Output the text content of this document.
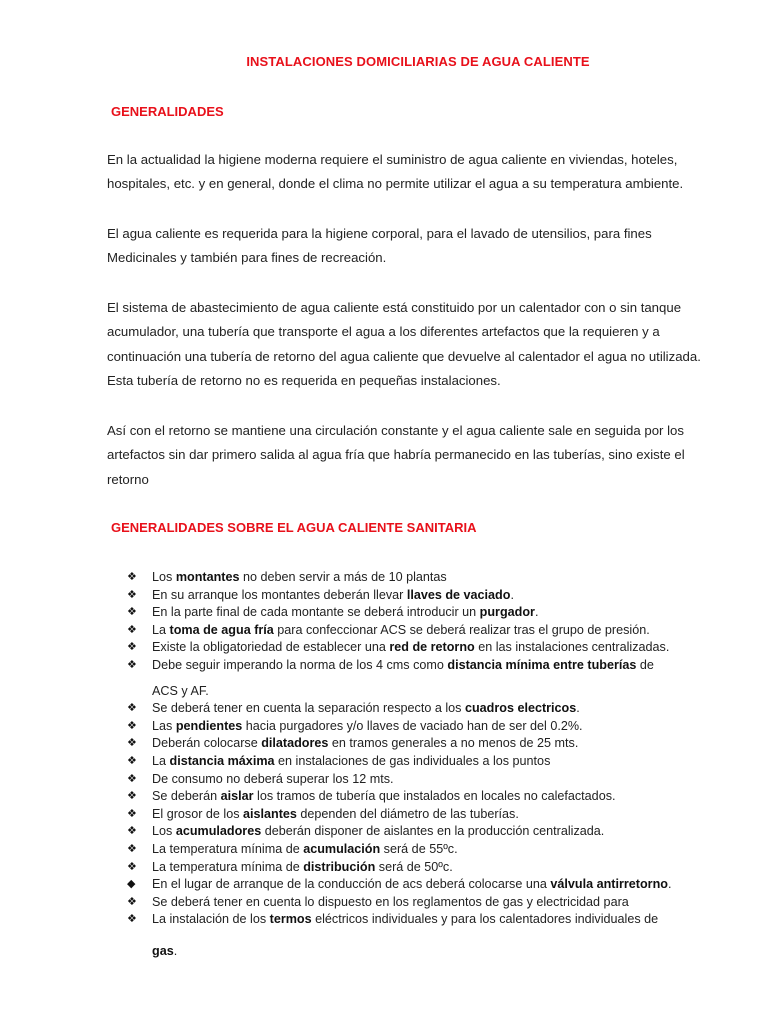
INSTALACIONES DOMICILIARIAS DE AGUA CALIENTE
GENERALIDADES
En la actualidad la higiene moderna requiere el suministro de agua caliente en viviendas, hoteles,
hospitales, etc. y en general, donde el clima no permite utilizar el agua a su temperatura ambiente.
El agua caliente es requerida para la higiene corporal, para el lavado de utensilios, para fines
Medicinales y también para fines de recreación.
El sistema de abastecimiento de agua caliente está constituido por un calentador con o sin tanque
acumulador, una tubería que transporte el agua a los diferentes artefactos que la requieren y a
continuación una tubería de retorno del agua caliente que devuelve al calentador el agua no utilizada.
Esta tubería de retorno no es requerida en pequeñas instalaciones.
Así con el retorno se mantiene una circulación constante y el agua caliente sale en seguida por los
artefactos sin dar primero salida al agua fría que habría permanecido en las tuberías, sino existe el
retorno
GENERALIDADES SOBRE EL AGUA CALIENTE SANITARIA
❖	Los montantes no deben servir a más de 10 plantas
❖	En su arranque los montantes deberán llevar llaves de vaciado.
❖	En la parte final de cada montante se deberá introducir un purgador.
❖	La toma de agua fría para confeccionar ACS se deberá realizar tras el grupo de presión.
❖	Existe la obligatoriedad de establecer una red de retorno en las instalaciones centralizadas.
❖	Debe seguir imperando la norma de los 4 cms como distancia mínima entre tuberías de
ACS y AF.
❖	Se deberá tener en cuenta la separación respecto a los cuadros electricos.
❖	Las pendientes hacia purgadores y/o llaves de vaciado han de ser del 0.2%.
❖	Deberán colocarse dilatadores en tramos generales a no menos de 25 mts.
❖	La distancia máxima en instalaciones de gas individuales a los puntos
❖	De consumo no deberá superar los 12 mts.
❖	Se deberán aislar los tramos de tubería que instalados en locales no calefactados.
❖	El grosor de los aislantes dependen del diámetro de las tuberías.
❖	Los acumuladores deberán disponer de aislantes en la producción centralizada.
❖	La temperatura mínima de acumulación será de 55ºc.
❖	La temperatura mínima de distribución será de 50ºc.
◆	En el lugar de arranque de la conducción de acs deberá colocarse una válvula antirretorno.
❖	Se deberá tener en cuenta lo dispuesto en los reglamentos de gas y electricidad para
❖	La instalación de los termos eléctricos individuales y para los calentadores individuales de
gas.
